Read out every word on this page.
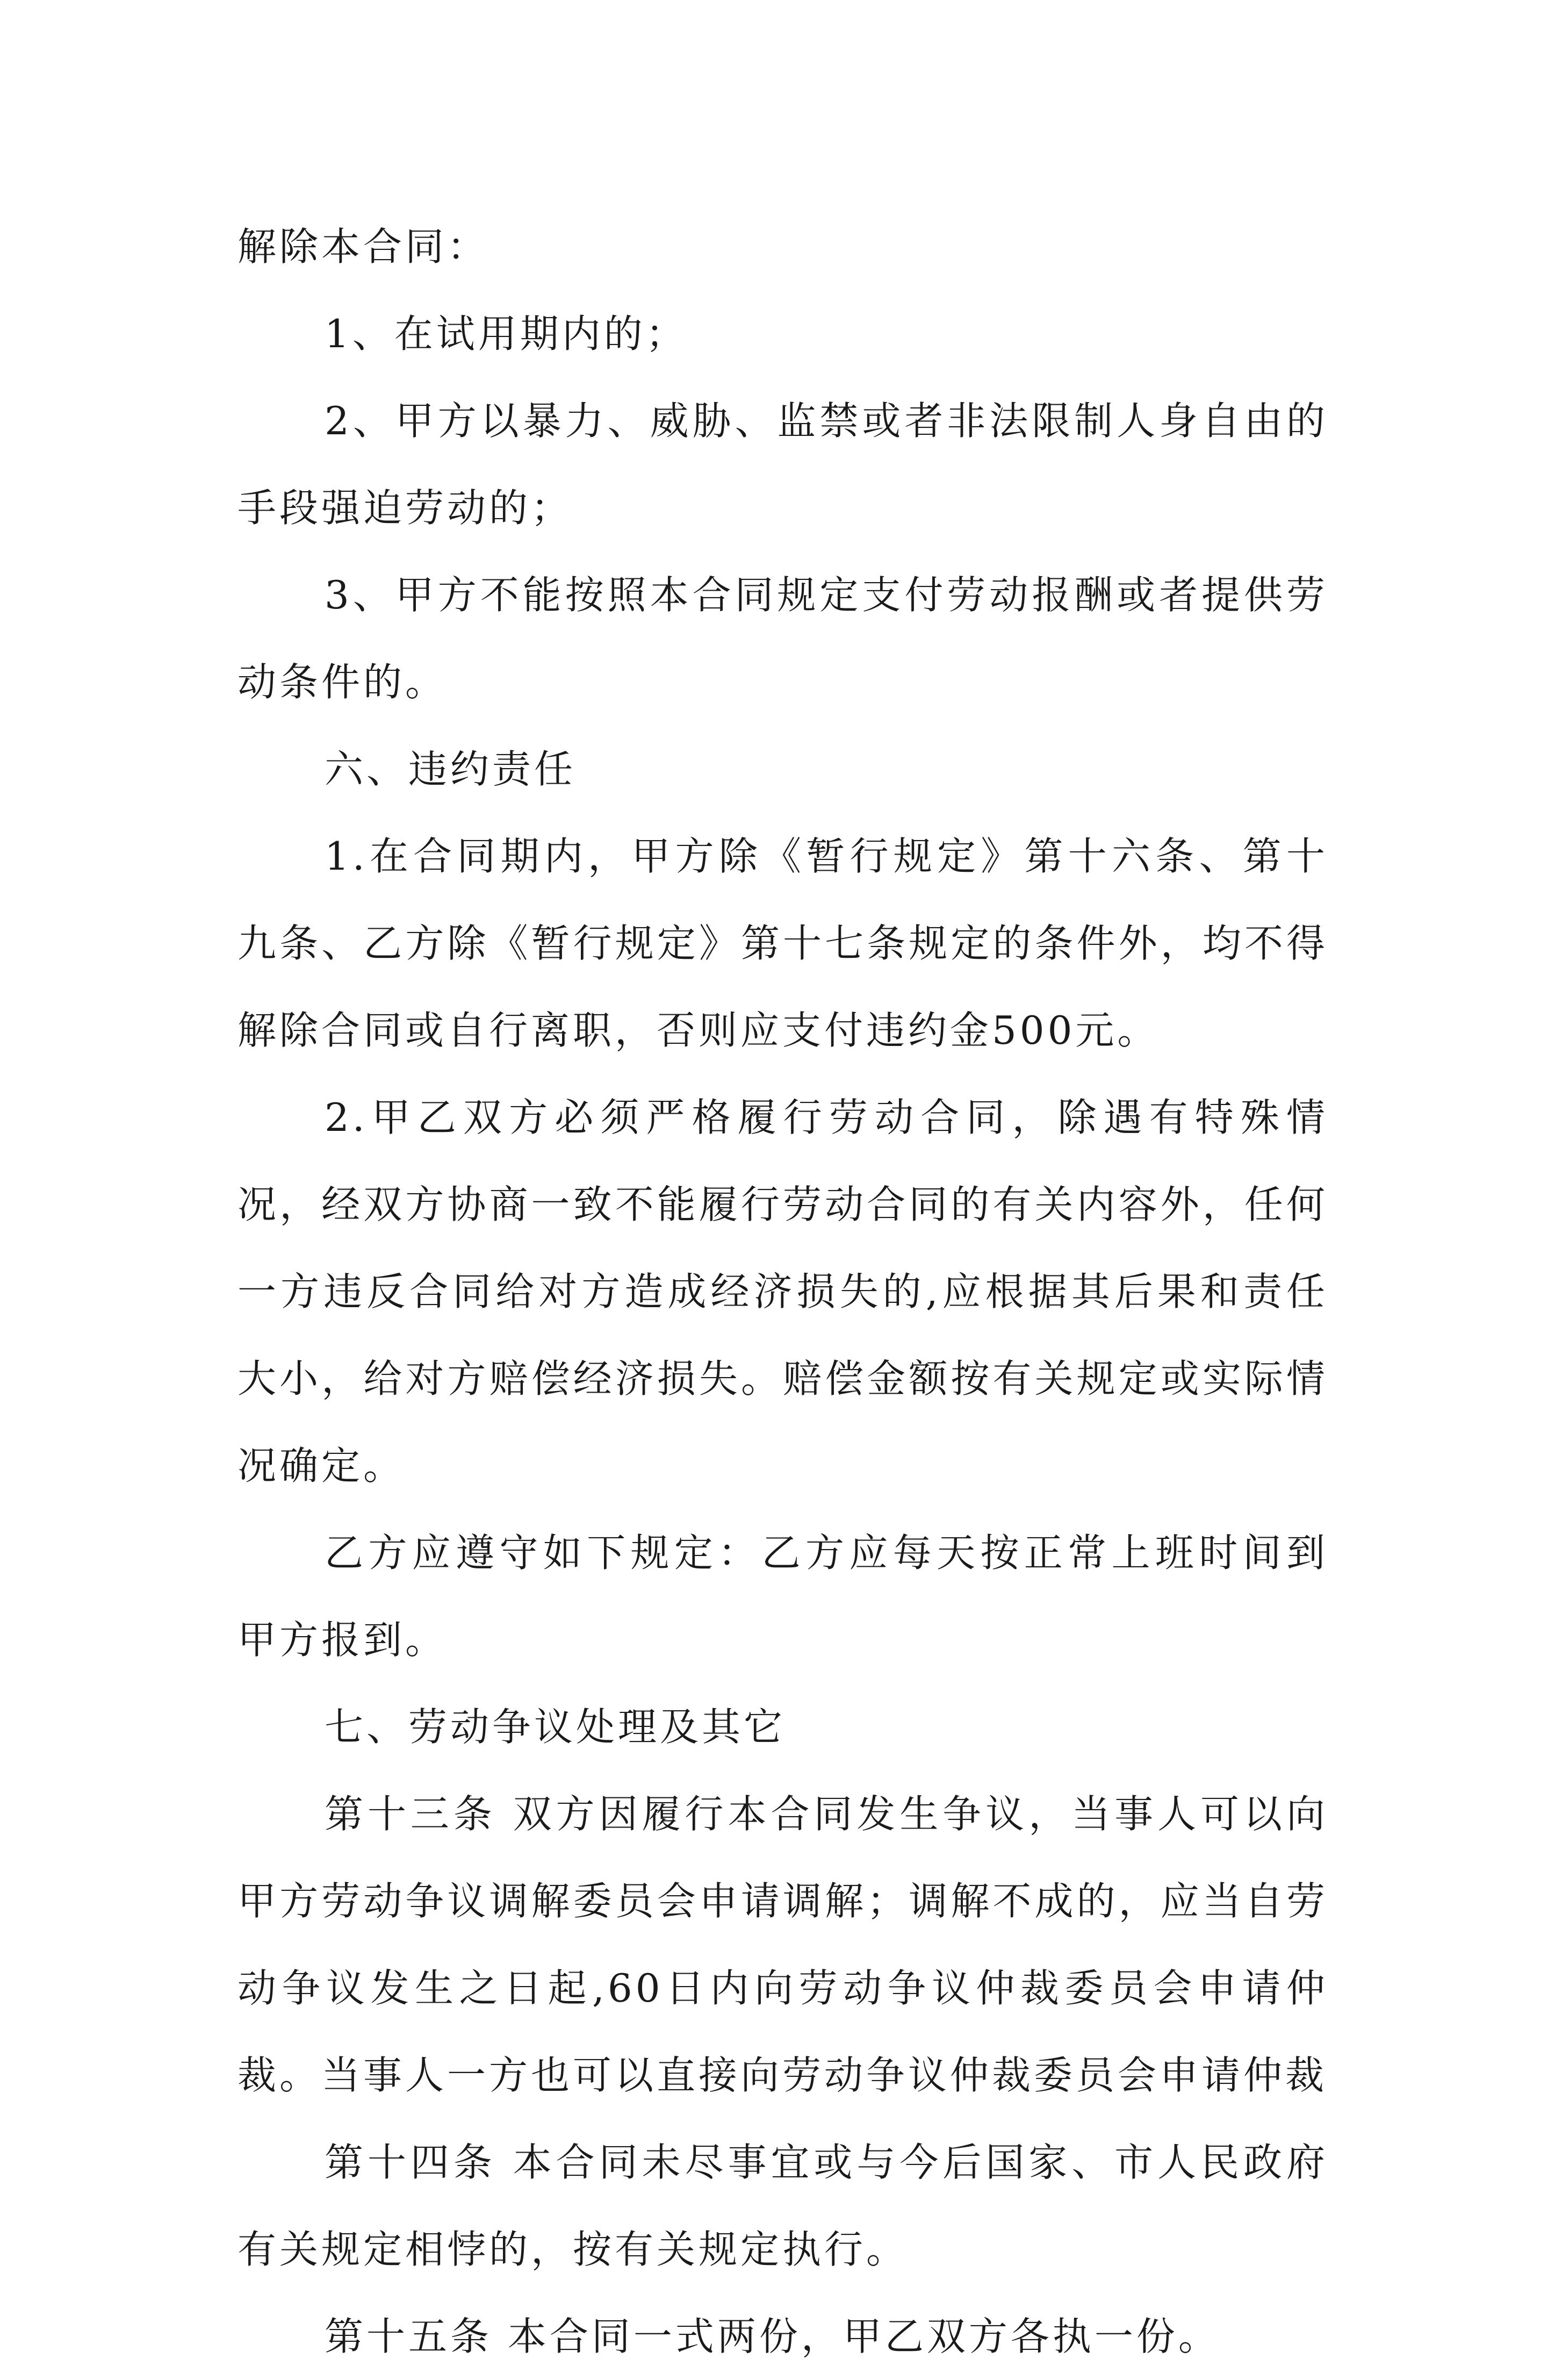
解除本合同：

1、在试用期内的；

2、甲方以暴力、威胁、监禁或者非法限制人身自由的手段强迫劳动的；

3、甲方不能按照本合同规定支付劳动报酬或者提供劳动条件的。

六、违约责任

1.在合同期内，甲方除《暂行规定》第十六条、第十九条、乙方除《暂行规定》第十七条规定的条件外，均不得解除合同或自行离职，否则应支付违约金500元。

2.甲乙双方必须严格履行劳动合同，除遇有特殊情况，经双方协商一致不能履行劳动合同的有关内容外，任何一方违反合同给对方造成经济损失的,应根据其后果和责任大小，给对方赔偿经济损失。赔偿金额按有关规定或实际情况确定。

乙方应遵守如下规定：乙方应每天按正常上班时间到甲方报到。

七、劳动争议处理及其它

第十三条 双方因履行本合同发生争议，当事人可以向甲方劳动争议调解委员会申请调解；调解不成的，应当自劳动争议发生之日起,60日内向劳动争议仲裁委员会申请仲裁。当事人一方也可以直接向劳动争议仲裁委员会申请仲裁

第十四条 本合同未尽事宜或与今后国家、市人民政府有关规定相悖的，按有关规定执行。

第十五条 本合同一式两份，甲乙双方各执一份。
